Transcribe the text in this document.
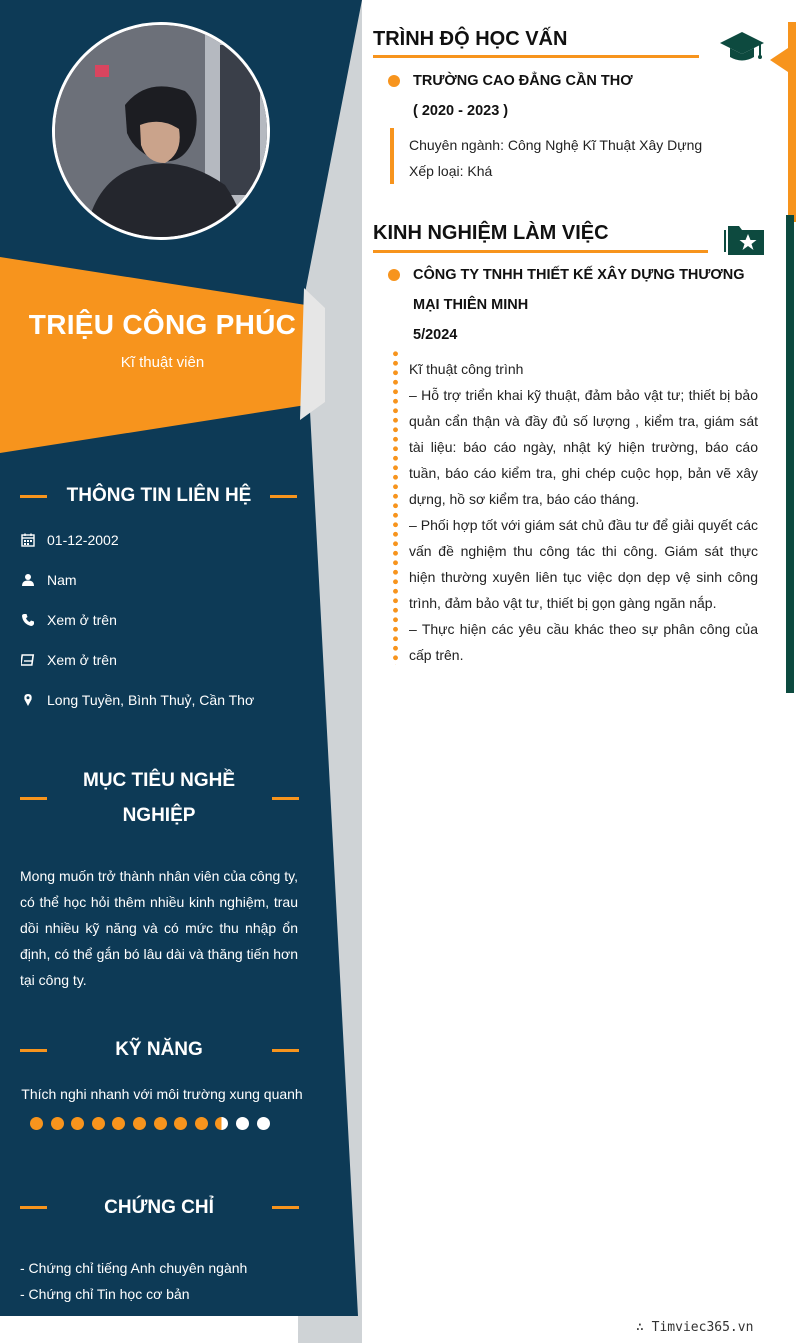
TRIỆU CÔNG PHÚC
Kĩ thuật viên
THÔNG TIN LIÊN HỆ
01-12-2002
Nam
Xem ở trên
Xem ở trên
Long Tuyền, Bình Thuỷ, Cần Thơ
MỤC TIÊU NGHỀ
NGHIỆP
Mong muốn trở thành nhân viên của công ty, có thể học hỏi thêm nhiều kinh nghiệm, trau dồi nhiều kỹ năng và có mức thu nhập ổn định, có thể gắn bó lâu dài và thăng tiến hơn tại công ty.
KỸ NĂNG
Thích nghi nhanh với môi trường xung quanh
CHỨNG CHỈ
- Chứng chỉ tiếng Anh chuyên ngành
- Chứng chỉ Tin học cơ bản
TRÌNH ĐỘ HỌC VẤN
TRƯỜNG CAO ĐẲNG CẦN THƠ
( 2020 - 2023 )
Chuyên ngành: Công Nghệ Kĩ Thuật Xây Dựng
Xếp loại: Khá
KINH NGHIỆM LÀM VIỆC
CÔNG TY TNHH THIẾT KẾ XÂY DỰNG THƯƠNG
MẠI THIÊN MINH
5/2024

Kĩ thuật công trình

– Hỗ trợ triển khai kỹ thuật, đảm bảo vật tư; thiết bị bảo quản cẩn thận và đầy đủ số lượng , kiểm tra, giám sát tài liệu: báo cáo ngày, nhật ký hiện trường, báo cáo tuần, báo cáo kiểm tra, ghi chép cuộc họp, bản vẽ xây dựng, hồ sơ kiểm tra, báo cáo tháng.

– Phối hợp tốt với giám sát chủ đầu tư để giải quyết các vấn đề nghiệm thu công tác thi công. Giám sát thực hiện thường xuyên liên tục việc dọn dẹp vệ sinh công trình, đảm bảo vật tư, thiết bị gọn gàng ngăn nắp.

– Thực hiện các yêu cầu khác theo sự phân công của cấp trên.

∴ Timviec365.vn
